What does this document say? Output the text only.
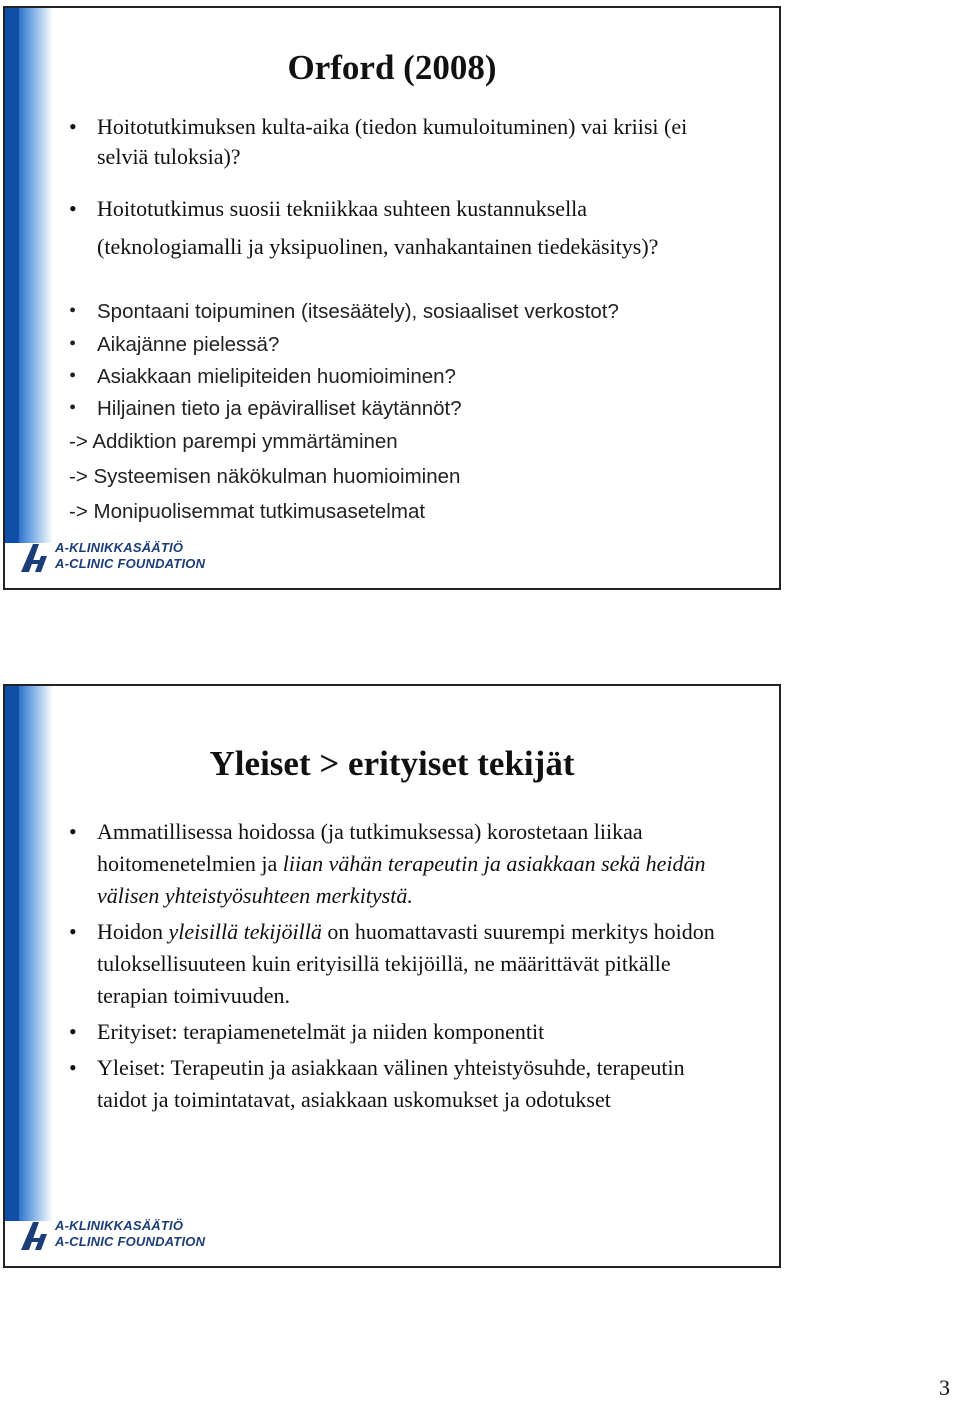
Orford (2008)
• Hoitotutkimuksen kulta-aika (tiedon kumuloituminen) vai kriisi (ei selviä tuloksia)?
• Hoitotutkimus suosii tekniikkaa suhteen kustannuksella (teknologiamalli ja yksipuolinen, vanhakantainen tiedekäsitys)?
• Spontaani toipuminen (itsesäätely), sosiaaliset verkostot?
• Aikajänne pielessä?
• Asiakkaan mielipiteiden huomioiminen?
• Hiljainen tieto ja epäviralliset käytännöt?
-> Addiktion parempi ymmärtäminen
-> Systeemisen näkökulman huomioiminen
-> Monipuolisemmat tutkimusasetelmat
A-KLINIKKASÄÄTIÖ
A-CLINIC FOUNDATION
Yleiset > erityiset tekijät
• Ammatillisessa hoidossa (ja tutkimuksessa) korostetaan liikaa hoitomenetelmien ja liian vähän terapeutin ja asiakkaan sekä heidän välisen yhteistyösuhteen merkitystä.
• Hoidon yleisillä tekijöillä on huomattavasti suurempi merkitys hoidon tuloksellisuuteen kuin erityisillä tekijöillä, ne määrittävät pitkälle terapian toimivuuden.
• Erityiset: terapiamenetelmät ja niiden komponentit
• Yleiset: Terapeutin ja asiakkaan välinen yhteistyösuhde, terapeutin taidot ja toimintatavat, asiakkaan uskomukset ja odotukset
A-KLINIKKASÄÄTIÖ
A-CLINIC FOUNDATION
3
